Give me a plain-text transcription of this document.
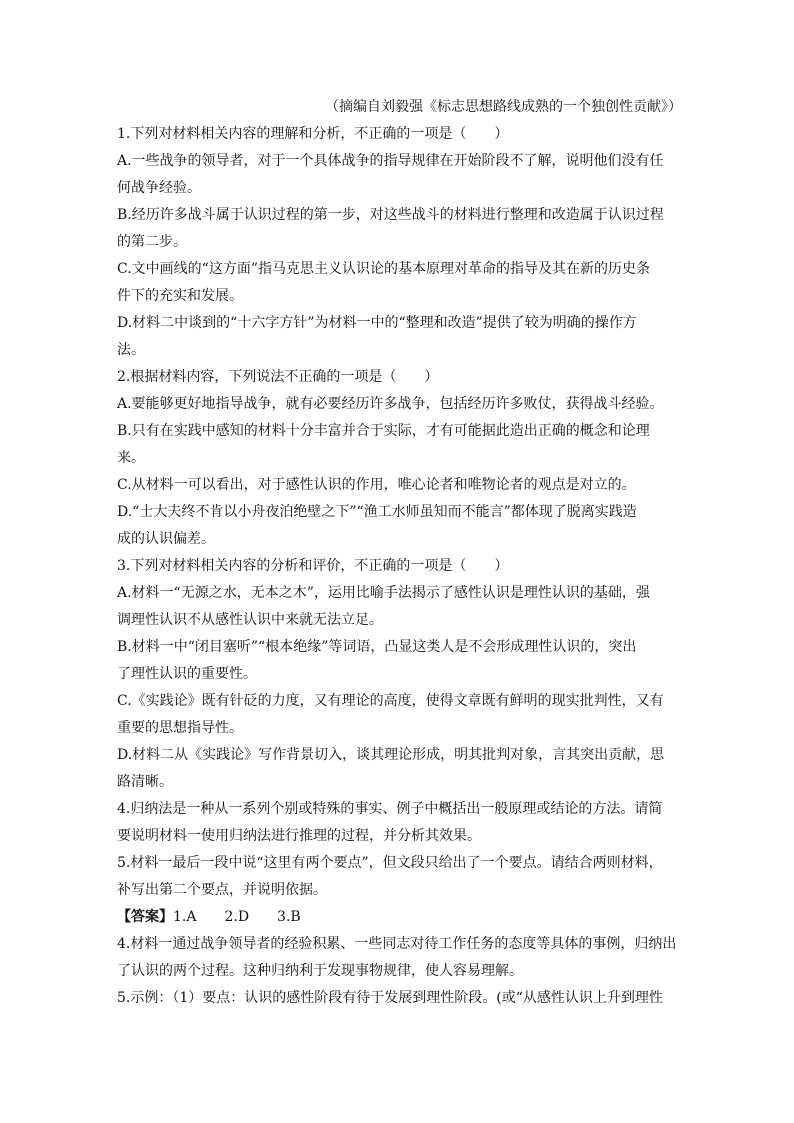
（摘编自刘毅强《标志思想路线成熟的一个独创性贡献》）
1.下列对材料相关内容的理解和分析，不正确的一项是（　　）
A.一些战争的领导者，对于一个具体战争的指导规律在开始阶段不了解，说明他们没有任
何战争经验。
B.经历许多战斗属于认识过程的第一步，对这些战斗的材料进行整理和改造属于认识过程
的第二步。
C.文中画线的“这方面”指马克思主义认识论的基本原理对革命的指导及其在新的历史条
件下的充实和发展。
D.材料二中谈到的“十六字方针”为材料一中的“整理和改造”提供了较为明确的操作方
法。
2.根据材料内容，下列说法不正确的一项是（　　）
A.要能够更好地指导战争，就有必要经历许多战争，包括经历许多败仗，获得战斗经验。
B.只有在实践中感知的材料十分丰富并合于实际，才有可能据此造出正确的概念和论理
来。
C.从材料一可以看出，对于感性认识的作用，唯心论者和唯物论者的观点是对立的。
D.“士大夫终不肯以小舟夜泊绝壁之下”“渔工水师虽知而不能言”都体现了脱离实践造
成的认识偏差。
3.下列对材料相关内容的分析和评价，不正确的一项是（　　）
A.材料一“无源之水，无本之木”，运用比喻手法揭示了感性认识是理性认识的基础，强
调理性认识不从感性认识中来就无法立足。
B.材料一中“闭目塞听”“根本绝缘”等词语，凸显这类人是不会形成理性认识的，突出
了理性认识的重要性。
C.《实践论》既有针砭的力度，又有理论的高度，使得文章既有鲜明的现实批判性，又有
重要的思想指导性。
D.材料二从《实践论》写作背景切入，谈其理论形成，明其批判对象，言其突出贡献，思
路清晰。
4.归纳法是一种从一系列个别或特殊的事实、例子中概括出一般原理或结论的方法。请简
要说明材料一使用归纳法进行推理的过程，并分析其效果。
5.材料一最后一段中说“这里有两个要点”，但文段只给出了一个要点。请结合两则材料，
补写出第二个要点，并说明依据。
【答案】1.A　　2.D　　3.B
4.材料一通过战争领导者的经验积累、一些同志对待工作任务的态度等具体的事例，归纳出
了认识的两个过程。这种归纳利于发现事物规律，使人容易理解。
5.示例：（1）要点：认识的感性阶段有待于发展到理性阶段。(或“从感性认识上升到理性
